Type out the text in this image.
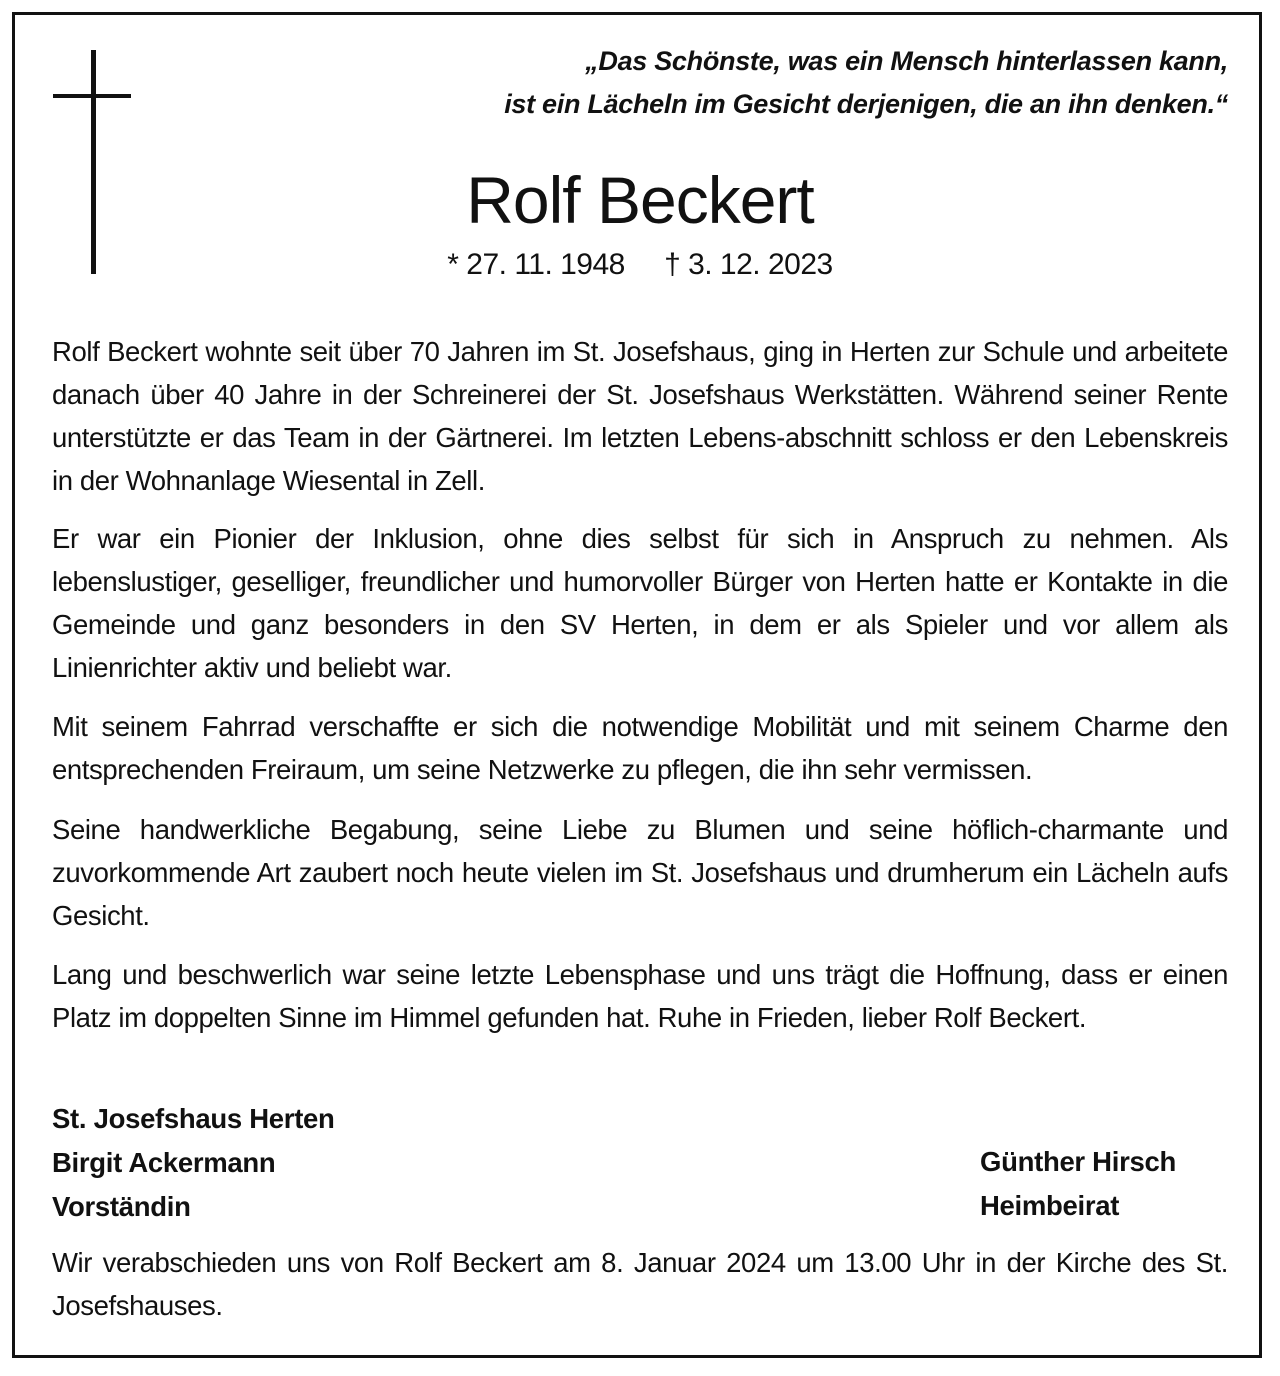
„Das Schönste, was ein Mensch hinterlassen kann,
ist ein Lächeln im Gesicht derjenigen, die an ihn denken.“
Rolf Beckert
* 27. 11. 1948 † 3. 12. 2023

Rolf Beckert wohnte seit über 70 Jahren im St. Josefshaus, ging in Herten zur Schule und arbeitete danach über 40 Jahre in der Schreinerei der St. Josefshaus Werkstätten. Während seiner Rente unterstützte er das Team in der Gärtnerei. Im letzten Lebens-abschnitt schloss er den Lebenskreis in der Wohnanlage Wiesental in Zell.

Er war ein Pionier der Inklusion, ohne dies selbst für sich in Anspruch zu nehmen. Als lebenslustiger, geselliger, freundlicher und humorvoller Bürger von Herten hatte er Kontakte in die Gemeinde und ganz besonders in den SV Herten, in dem er als Spieler und vor allem als Linienrichter aktiv und beliebt war.

Mit seinem Fahrrad verschaffte er sich die notwendige Mobilität und mit seinem Charme den entsprechenden Freiraum, um seine Netzwerke zu pflegen, die ihn sehr vermissen.

Seine handwerkliche Begabung, seine Liebe zu Blumen und seine höflich-charmante und zuvorkommende Art zaubert noch heute vielen im St. Josefshaus und drumherum ein Lächeln aufs Gesicht.

Lang und beschwerlich war seine letzte Lebensphase und uns trägt die Hoffnung, dass er einen Platz im doppelten Sinne im Himmel gefunden hat. Ruhe in Frieden, lieber Rolf Beckert.

St. Josefshaus Herten
Birgit Ackermann
Vorständin
Günther Hirsch
Heimbeirat
Wir verabschieden uns von Rolf Beckert am 8. Januar 2024 um 13.00 Uhr in der Kirche des St. Josefshauses.
